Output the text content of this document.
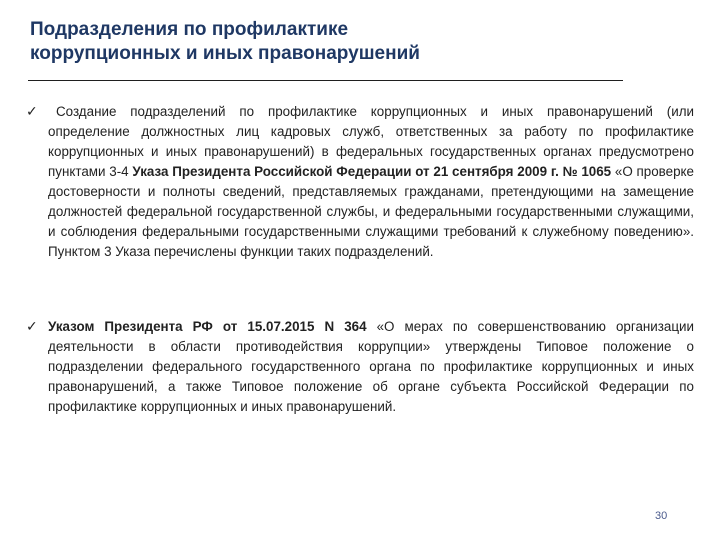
Подразделения по профилактике
коррупционных и иных правонарушений
✓	Создание подразделений по профилактике коррупционных и иных правонарушений (или определение должностных лиц кадровых служб, ответственных за работу по профилактике коррупционных и иных правонарушений) в федеральных государственных органах предусмотрено пунктами 3-4 Указа Президента Российской Федерации от 21 сентября 2009 г. № 1065 «О проверке достоверности и полноты сведений, представляемых гражданами, претендующими на замещение должностей федеральной государственной службы, и федеральными государственными служащими, и соблюдения федеральными государственными служащими требований к служебному поведению». Пунктом 3 Указа перечислены функции таких подразделений.
✓ Указом Президента РФ от 15.07.2015 N 364 «О мерах по совершенствованию организации деятельности в области противодействия коррупции» утверждены Типовое положение о подразделении федерального государственного органа по профилактике коррупционных и иных правонарушений, а также Типовое положение об органе субъекта Российской Федерации по профилактике коррупционных и иных правонарушений.
30
